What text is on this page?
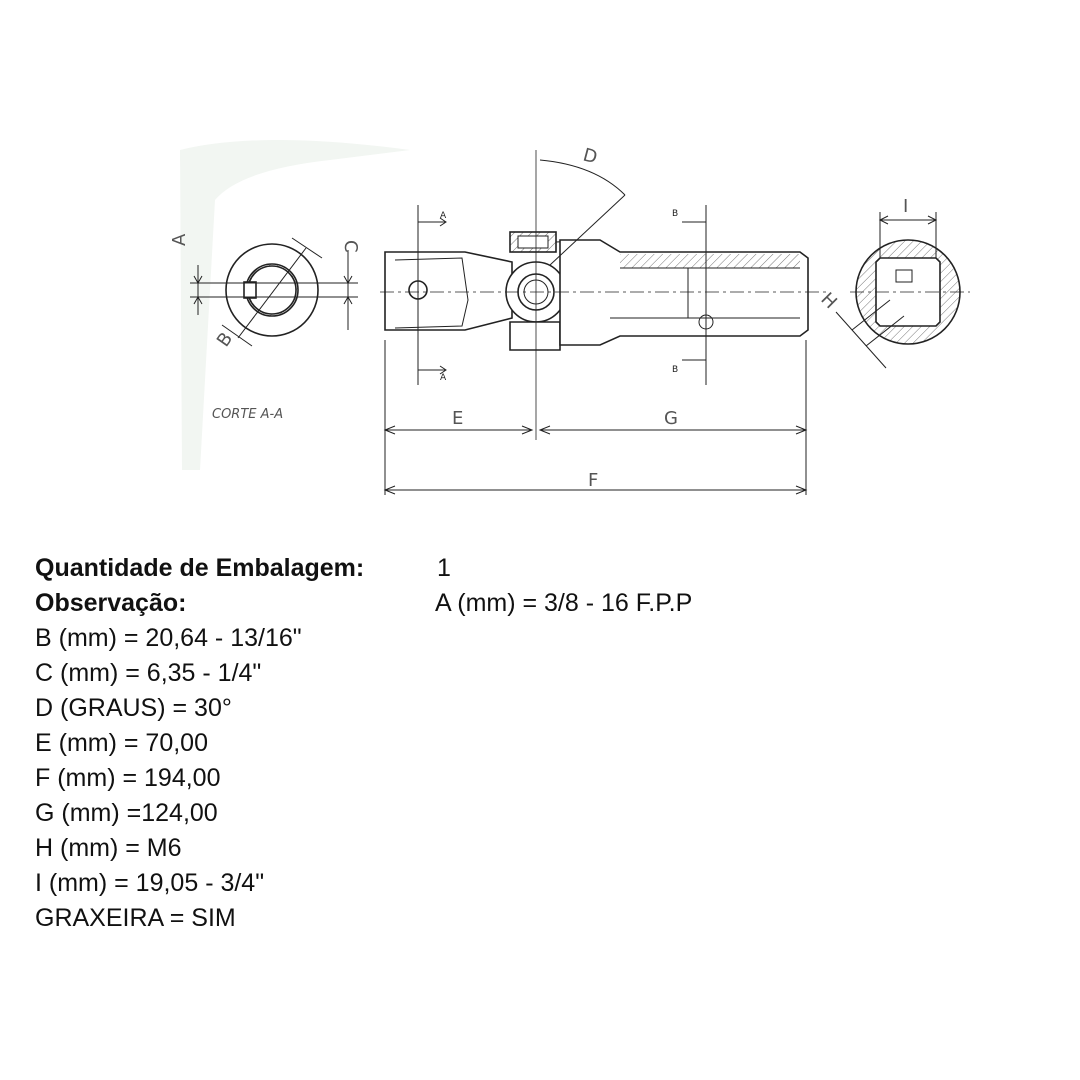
A
C
B
CORTE A-A
D
A
A
B
B
E	G
F
I
H
Quantidade de Embalagem:	1
Observação:	A (mm) = 3/8 - 16 F.P.P
B (mm) = 20,64 - 13/16"
C (mm) = 6,35 - 1/4"
D (GRAUS) = 30°
E (mm) = 70,00
F (mm) = 194,00
G (mm) =124,00
H (mm) = M6
I (mm) = 19,05 - 3/4"
GRAXEIRA = SIM
